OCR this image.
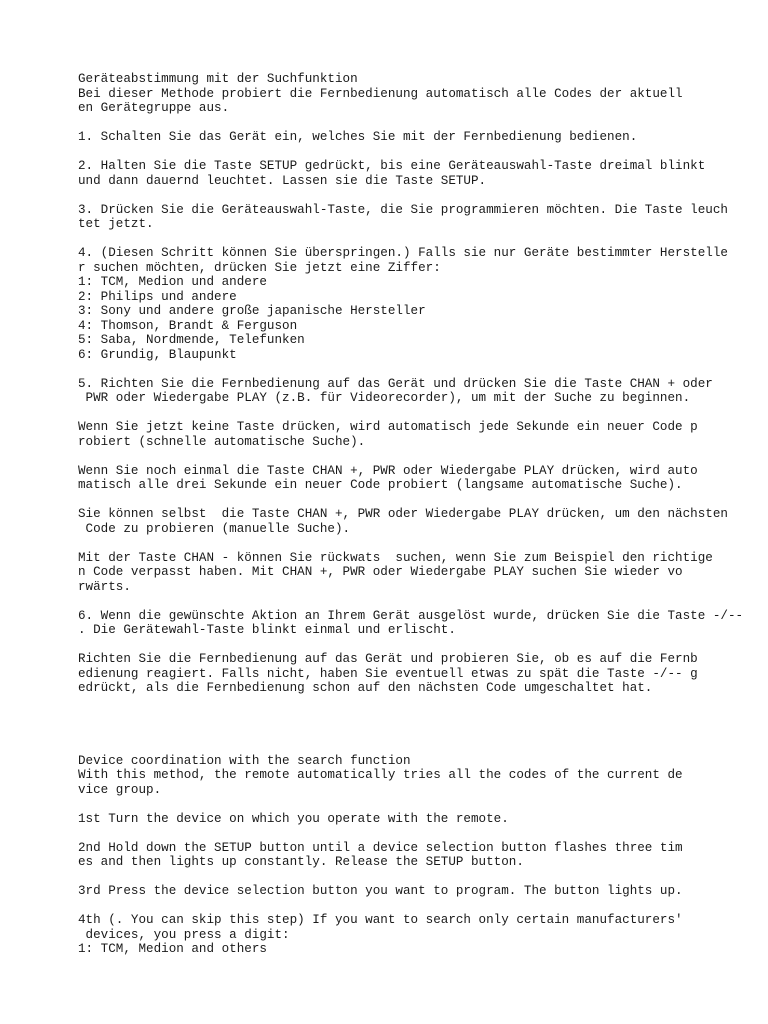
Geräteabstimmung mit der Suchfunktion
Bei dieser Methode probiert die Fernbedienung automatisch alle Codes der aktuell
en Gerätegruppe aus.
1. Schalten Sie das Gerät ein, welches Sie mit der Fernbedienung bedienen.
2. Halten Sie die Taste SETUP gedrückt, bis eine Geräteauswahl-Taste dreimal blinkt
und dann dauernd leuchtet. Lassen sie die Taste SETUP.
3. Drücken Sie die Geräteauswahl-Taste, die Sie programmieren möchten. Die Taste leuch
tet jetzt.
4. (Diesen Schritt können Sie überspringen.) Falls sie nur Geräte bestimmter Herstelle
r suchen möchten, drücken Sie jetzt eine Ziffer:
1: TCM, Medion und andere
2: Philips und andere
3: Sony und andere große japanische Hersteller
4: Thomson, Brandt & Ferguson
5: Saba, Nordmende, Telefunken
6: Grundig, Blaupunkt
5. Richten Sie die Fernbedienung auf das Gerät und drücken Sie die Taste CHAN + oder
PWR oder Wiedergabe PLAY (z.B. für Videorecorder), um mit der Suche zu beginnen.
Wenn Sie jetzt keine Taste drücken, wird automatisch jede Sekunde ein neuer Code p
robiert (schnelle automatische Suche).
Wenn Sie noch einmal die Taste CHAN +, PWR oder Wiedergabe PLAY drücken, wird auto
matisch alle drei Sekunde ein neuer Code probiert (langsame automatische Suche).
Sie können selbst  die Taste CHAN +, PWR oder Wiedergabe PLAY drücken, um den nächsten
Code zu probieren (manuelle Suche).
Mit der Taste CHAN - können Sie rückwats  suchen, wenn Sie zum Beispiel den richtige
n Code verpasst haben. Mit CHAN +, PWR oder Wiedergabe PLAY suchen Sie wieder vo
rwärts.
6. Wenn die gewünschte Aktion an Ihrem Gerät ausgelöst wurde, drücken Sie die Taste -/--
. Die Gerätewahl-Taste blinkt einmal und erlischt.
Richten Sie die Fernbedienung auf das Gerät und probieren Sie, ob es auf die Fernb
edienung reagiert. Falls nicht, haben Sie eventuell etwas zu spät die Taste -/-- g
edrückt, als die Fernbedienung schon auf den nächsten Code umgeschaltet hat.
Device coordination with the search function
With this method, the remote automatically tries all the codes of the current de
vice group.
1st Turn the device on which you operate with the remote.
2nd Hold down the SETUP button until a device selection button flashes three tim
es and then lights up constantly. Release the SETUP button.
3rd Press the device selection button you want to program. The button lights up.
4th (. You can skip this step) If you want to search only certain manufacturers'
devices, you press a digit:
1: TCM, Medion and others
